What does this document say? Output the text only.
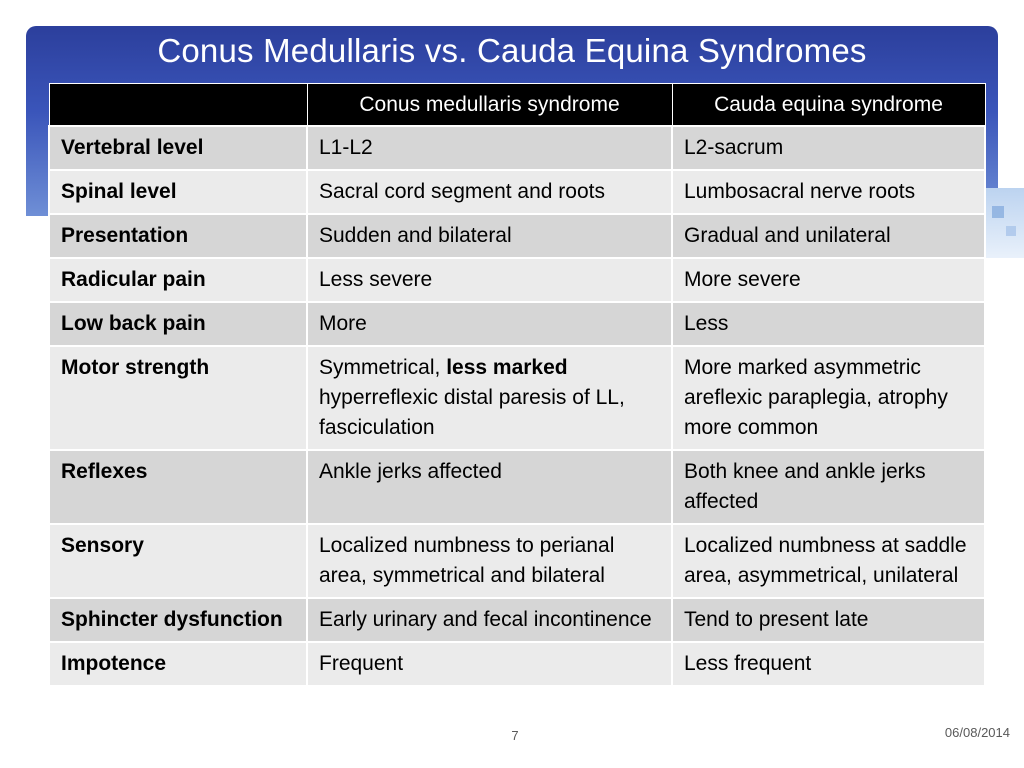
Conus Medullaris vs. Cauda Equina Syndromes
	Conus medullaris syndrome	Cauda equina syndrome
Vertebral level	L1-L2	L2-sacrum
Spinal level	Sacral cord segment and roots	Lumbosacral nerve roots
Presentation	Sudden and bilateral	Gradual and unilateral
Radicular pain	Less severe	More severe
Low back pain	More	Less
Motor strength	Symmetrical, less marked hyperreflexic distal paresis of LL, fasciculation	More marked asymmetric areflexic paraplegia, atrophy more common
Reflexes	Ankle jerks affected	Both knee and ankle jerks affected
Sensory	Localized numbness to perianal area, symmetrical and bilateral	Localized numbness at saddle area, asymmetrical, unilateral
Sphincter dysfunction	Early urinary and fecal incontinence	Tend to present late
Impotence	Frequent	Less frequent
7	06/08/2014
